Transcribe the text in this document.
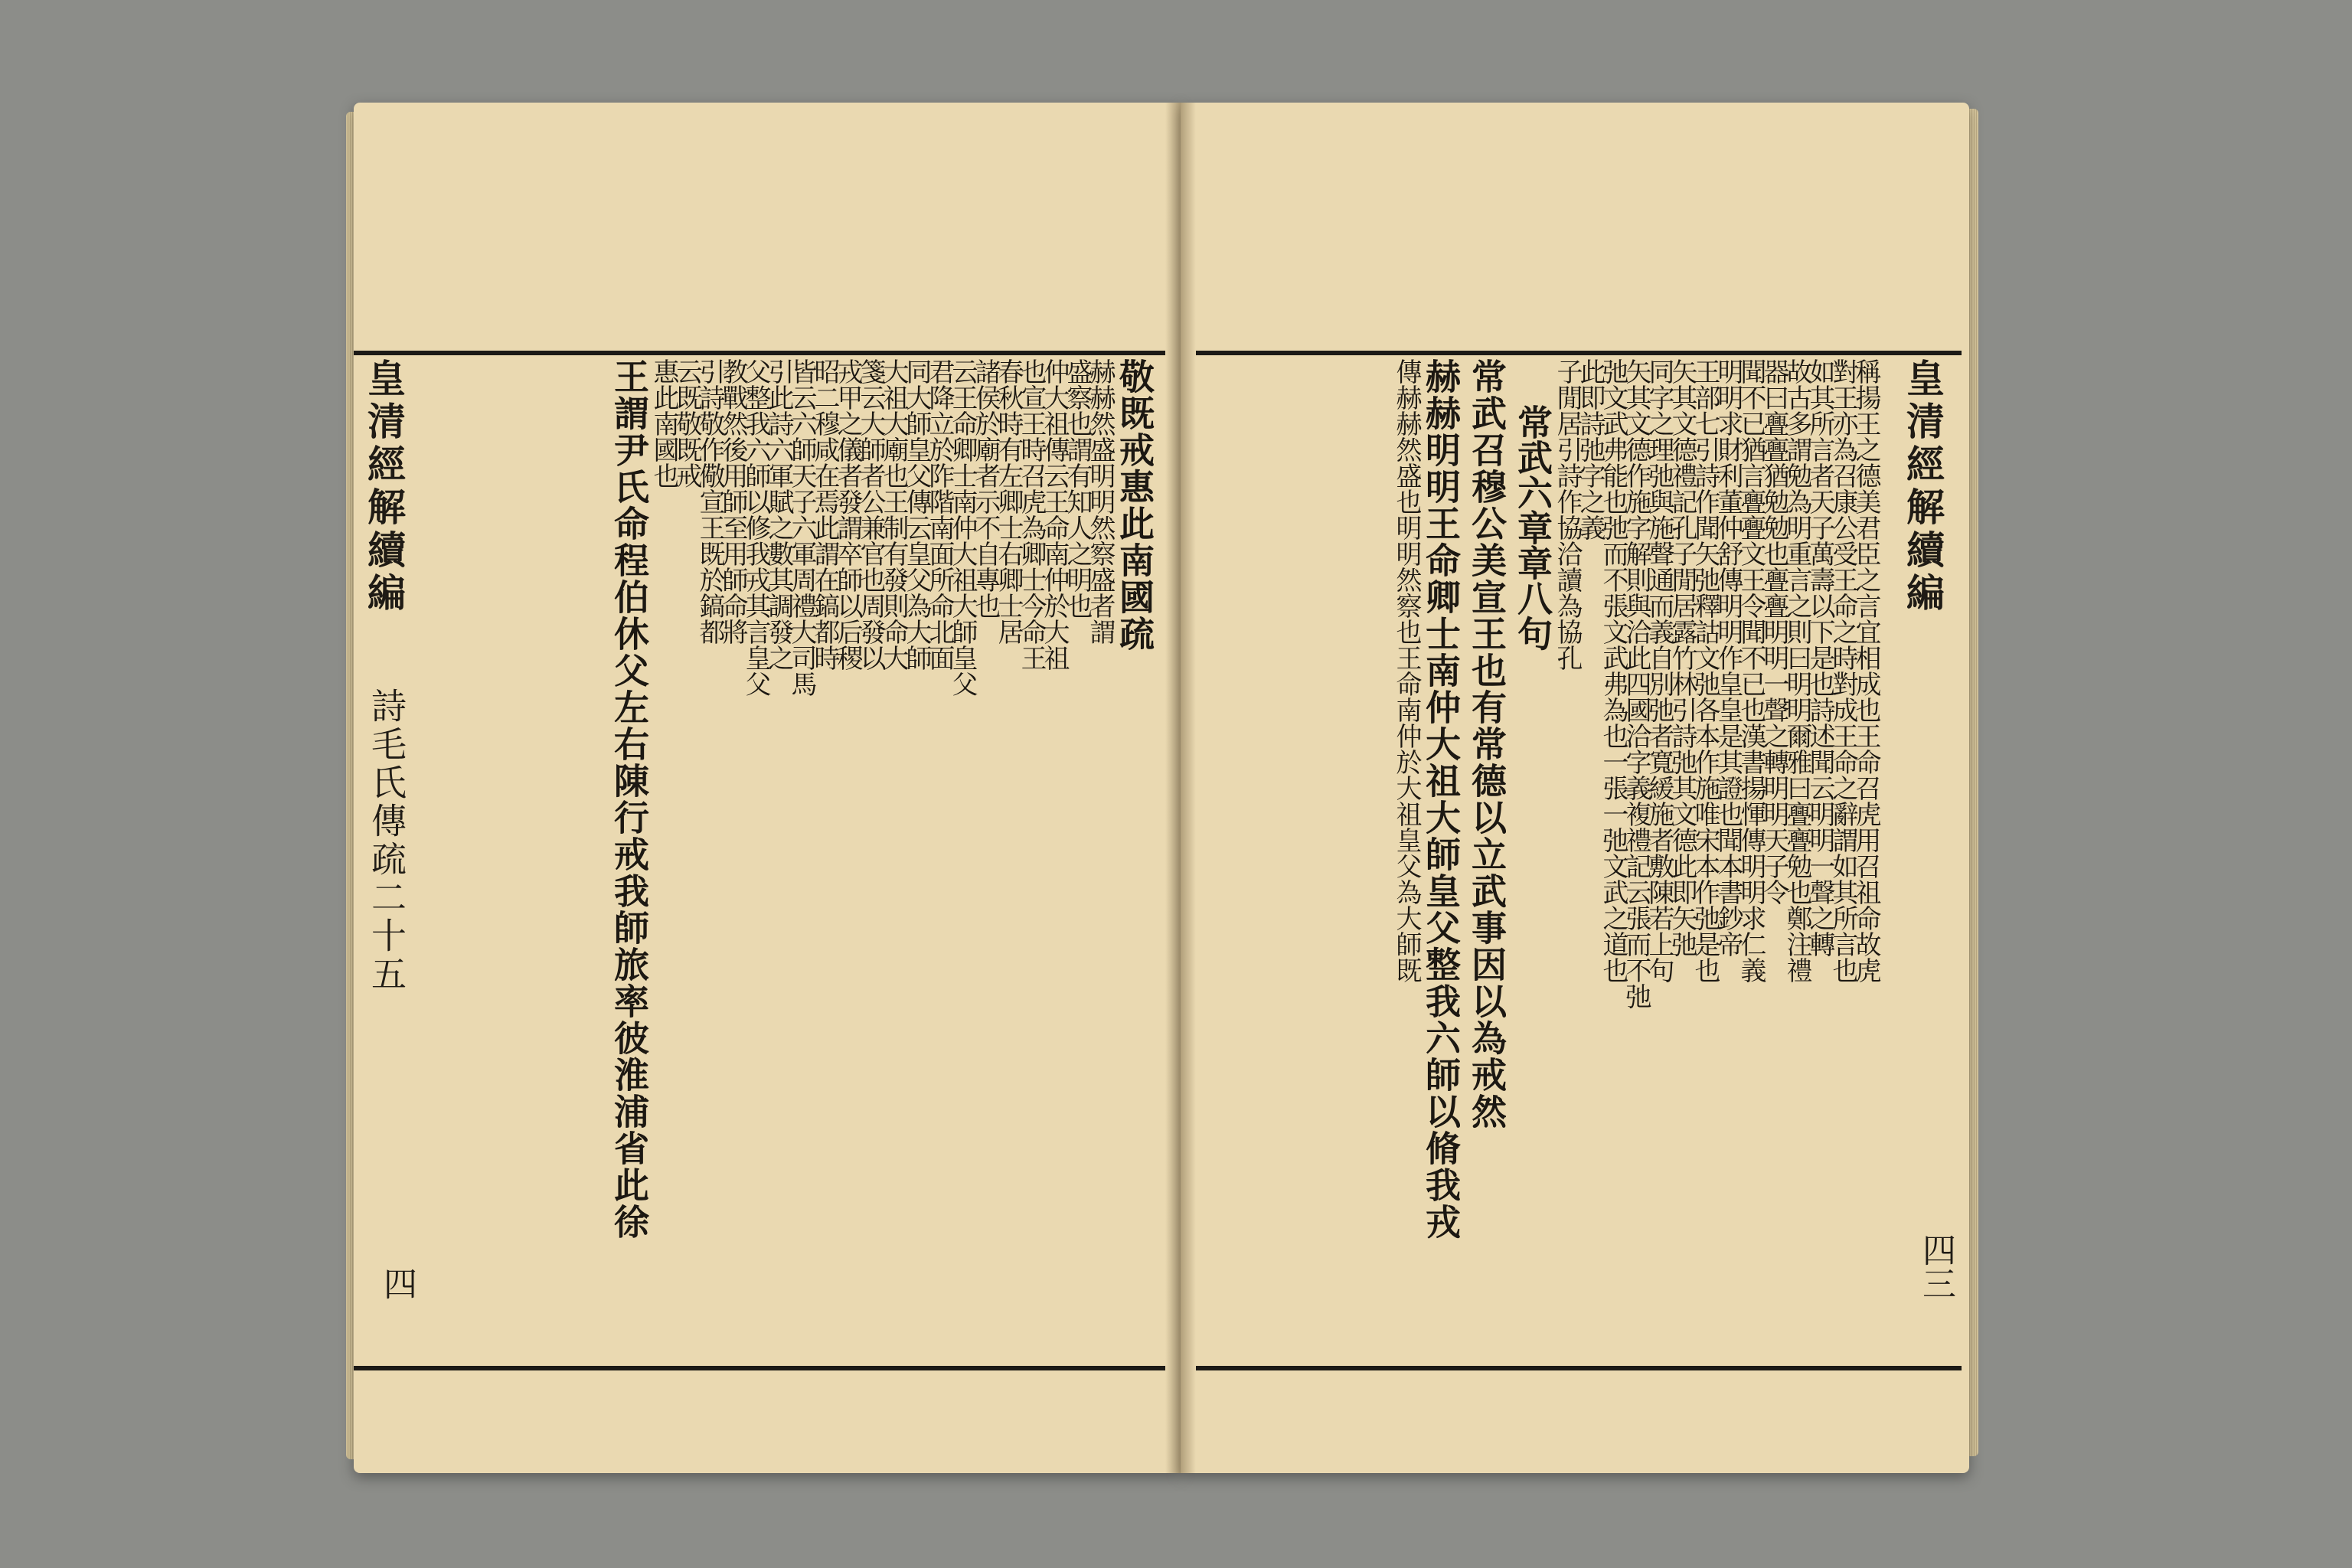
皇清經解續編
詩毛氏傳疏二十五
四
皇清經解續編
四三
敬既戒惠此南國疏
赫赫然盛明明然察盛者謂
盛察也謂有知人之明也
仲大祖傳云王命南仲於大祖
也宣王時召虎為卿士今命王
春秋時有左卿士右卿士居
諸侯於廟者示不自專也
云王命卿士南仲大祖大師皇父
君降立於阼階南面所命北面
同大師皇父傳云皇父為大師
大祖大廟也王制有發則命大
箋云大師者公兼官也周發以
戎甲之儀者發謂卒師以后稷
昭二穆咸在焉此謂在鎬都時
皆云六師天子六軍周禮大司馬
引此詩六軍賦之數其調發之
父整我六師以修我戎其言皇父
教戰然後用師至用師命將
引詩敬作儆宣王既於鎬都
云既敬既戒
惠此南國也
王謂尹氏命程伯休父左右陳行戒我師旅率彼淮浦省此徐	稱揚王之德美君臣之言宜相成也王命召虎用召祖命故虎
對王亦為召康公受王命之時對成王命之辭謂如其所言也
如其所言者天子萬壽以下是也詩述聞云明明一聲之轉
故古多謂勉為明重言之則曰明明爾雅曰亹亹勉也鄭注禮
器曰亹亹猶勉勉也亹亹明明一聲之轉明明天子令
聞不已猶言亹亹文王令聞不已也漢書揚惲傳明明求仁義
明明求財利董仲舒傳明明作皇皇是其證也聞本書鈔帝
王部七引詩作聞矢弛釋詁文弛各本作施唯宋本作弛是也
矢其文德禮記孔子閒居露竹林引詩弛其文德此即矢弛
同字之理弛與施聲通而義自別弛者寬緩施者敷陳若上句
矢其文德作施字解則與洽此四國洽字義複禮記云張而不弛
弛文武弗能也弛而不張文武弗為也一張一弛文武之道也
此即詩弛字之義
子閒居引詩作協洽讀為協孔
常武六章章八句
常武召穆公美宣王也有常德以立武事因以為戒然
赫赫明明王命卿士南仲大祖大師皇父整我六師以脩我戎
傳赫赫然盛也明明然察也王命南仲於大祖皇父為大師既
